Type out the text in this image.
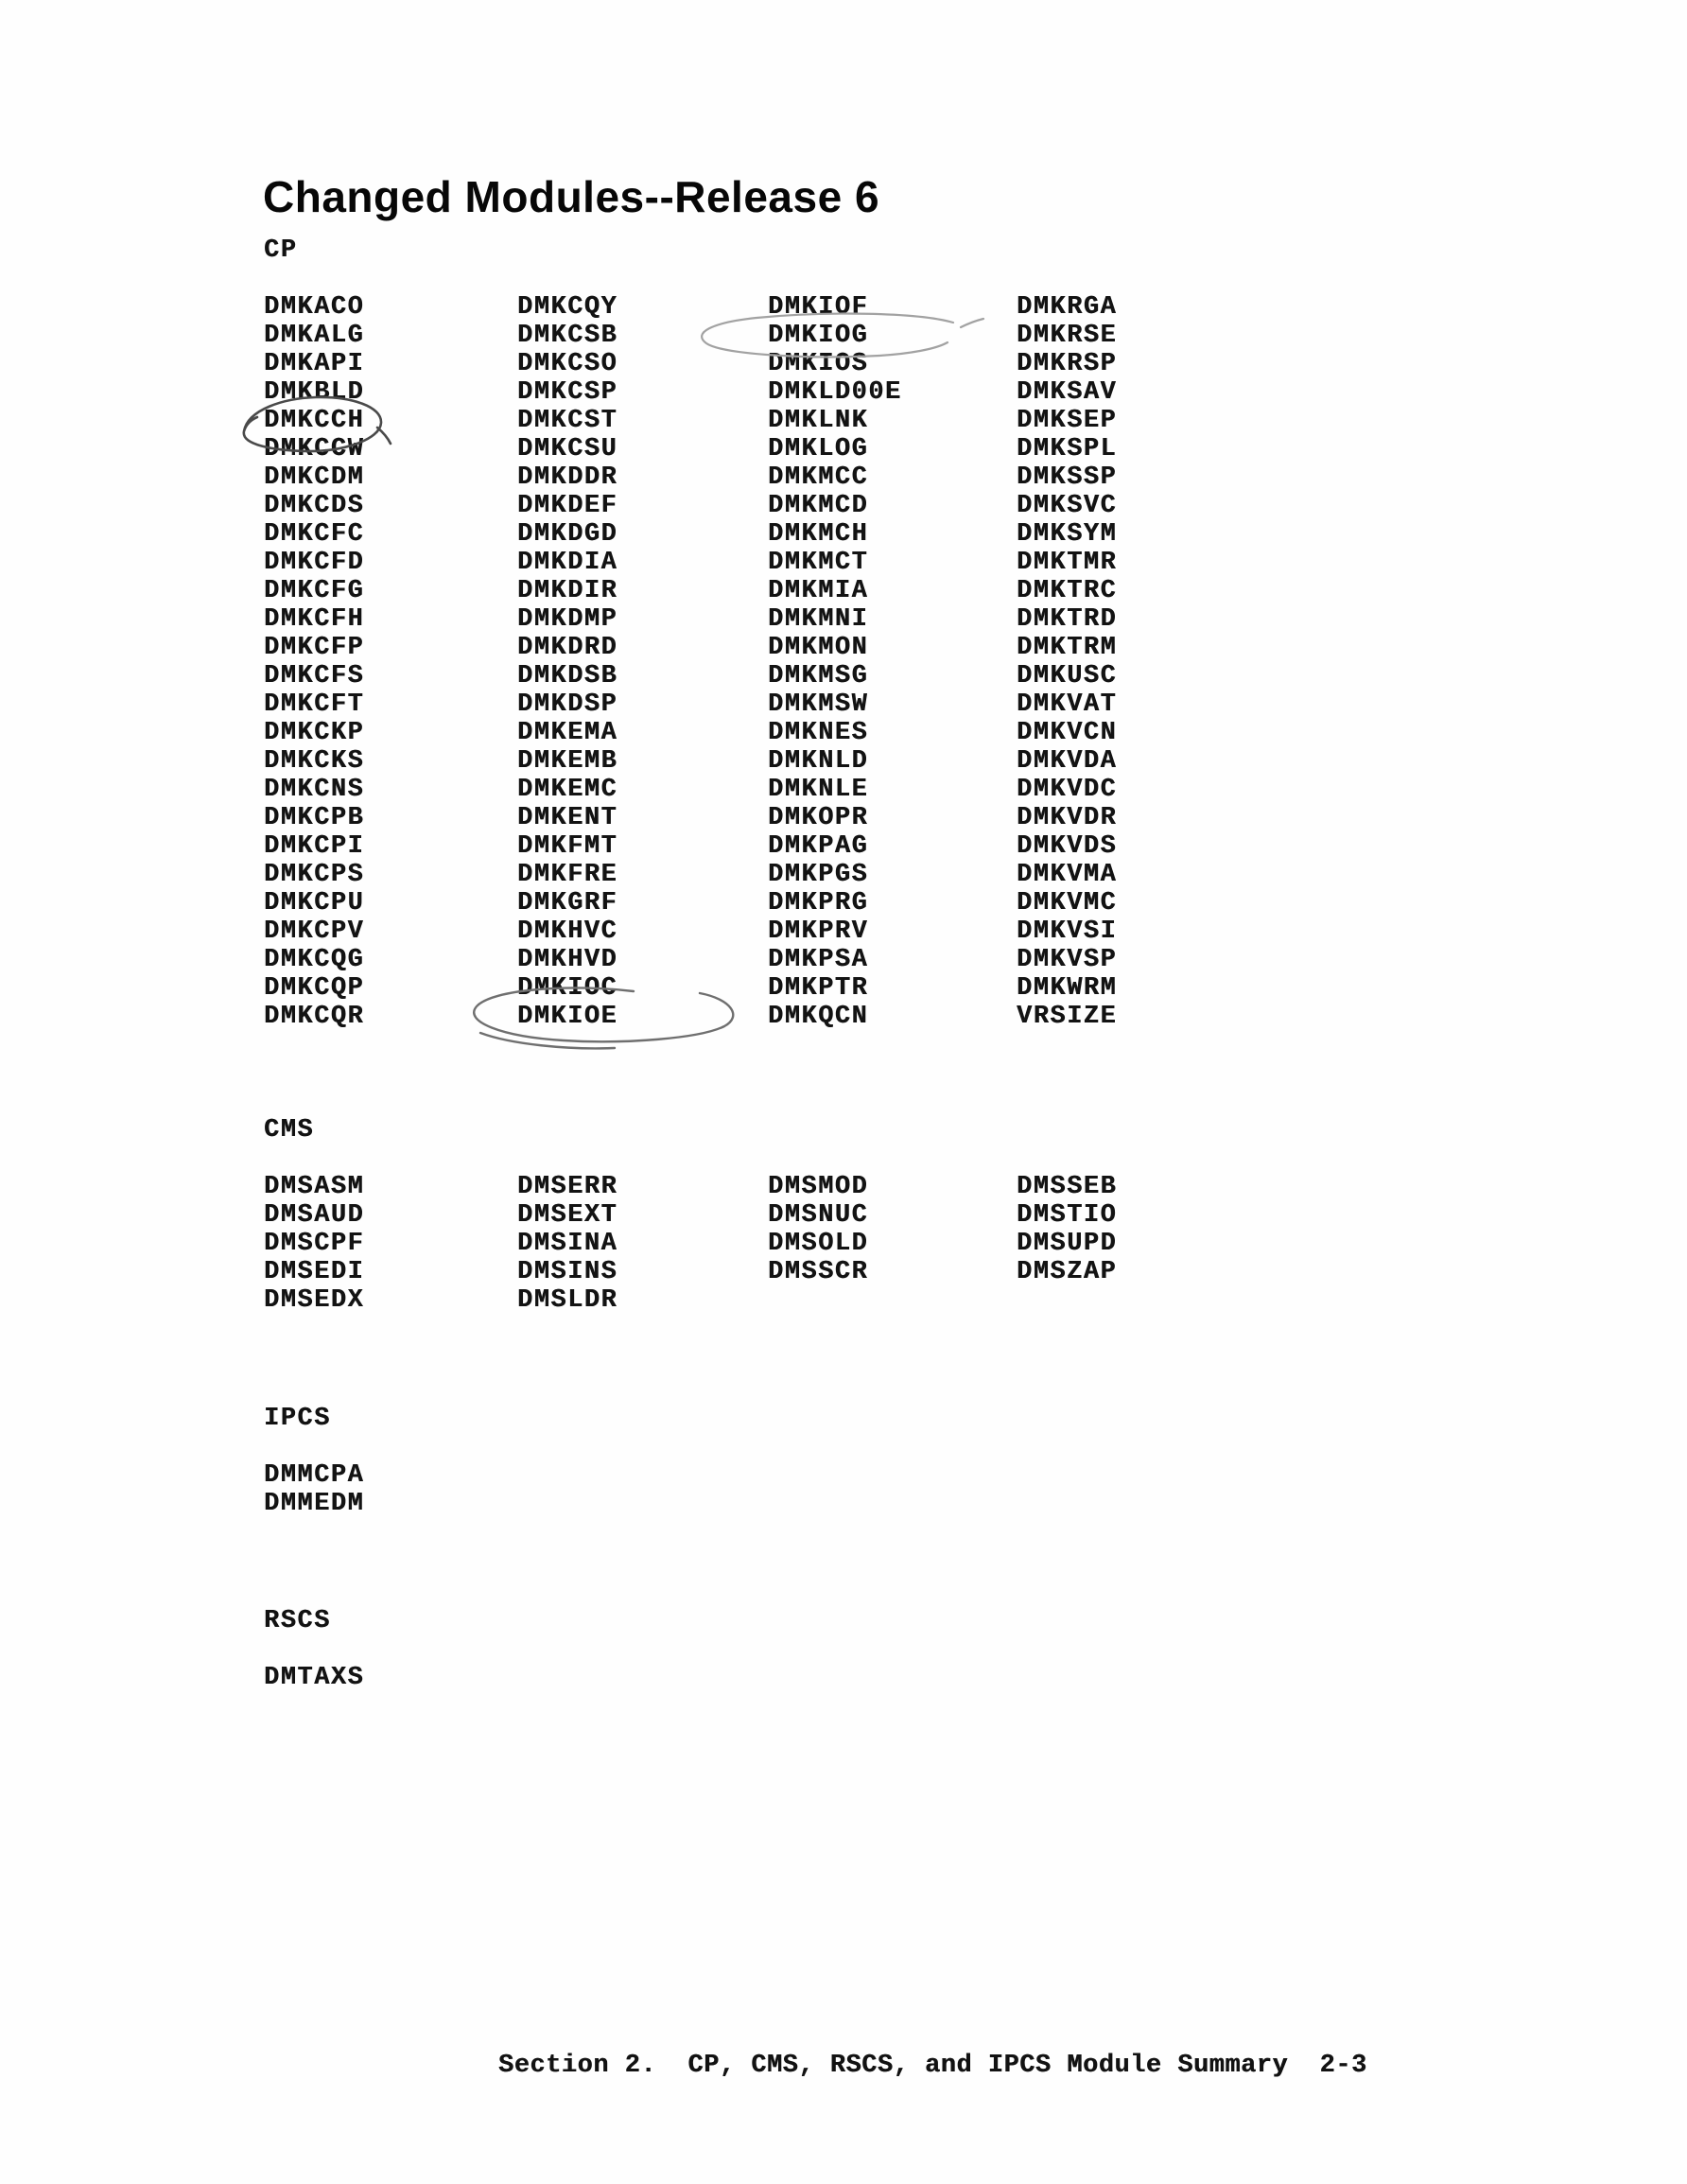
Changed Modules--Release 6
CP
DMKACO
DMKALG
DMKAPI
DMKBLD
DMKCCH
DMKCCW
DMKCDM
DMKCDS
DMKCFC
DMKCFD
DMKCFG
DMKCFH
DMKCFP
DMKCFS
DMKCFT
DMKCKP
DMKCKS
DMKCNS
DMKCPB
DMKCPI
DMKCPS
DMKCPU
DMKCPV
DMKCQG
DMKCQP
DMKCQR
DMKCQY
DMKCSB
DMKCSO
DMKCSP
DMKCST
DMKCSU
DMKDDR
DMKDEF
DMKDGD
DMKDIA
DMKDIR
DMKDMP
DMKDRD
DMKDSB
DMKDSP
DMKEMA
DMKEMB
DMKEMC
DMKENT
DMKFMT
DMKFRE
DMKGRF
DMKHVC
DMKHVD
DMKIOC
DMKIOE
DMKIOF
DMKIOG
DMKIOS
DMKLD00E
DMKLNK
DMKLOG
DMKMCC
DMKMCD
DMKMCH
DMKMCT
DMKMIA
DMKMNI
DMKMON
DMKMSG
DMKMSW
DMKNES
DMKNLD
DMKNLE
DMKOPR
DMKPAG
DMKPGS
DMKPRG
DMKPRV
DMKPSA
DMKPTR
DMKQCN
DMKRGA
DMKRSE
DMKRSP
DMKSAV
DMKSEP
DMKSPL
DMKSSP
DMKSVC
DMKSYM
DMKTMR
DMKTRC
DMKTRD
DMKTRM
DMKUSC
DMKVAT
DMKVCN
DMKVDA
DMKVDC
DMKVDR
DMKVDS
DMKVMA
DMKVMC
DMKVSI
DMKVSP
DMKWRM
VRSIZE
CMS
DMSASM
DMSAUD
DMSCPF
DMSEDI
DMSEDX
DMSERR
DMSEXT
DMSINA
DMSINS
DMSLDR
DMSMOD
DMSNUC
DMSOLD
DMSSCR
DMSSEB
DMSTIO
DMSUPD
DMSZAP
IPCS
DMMCPA
DMMEDM
RSCS
DMTAXS
Section 2.  CP, CMS, RSCS, and IPCS Module Summary  2-3
